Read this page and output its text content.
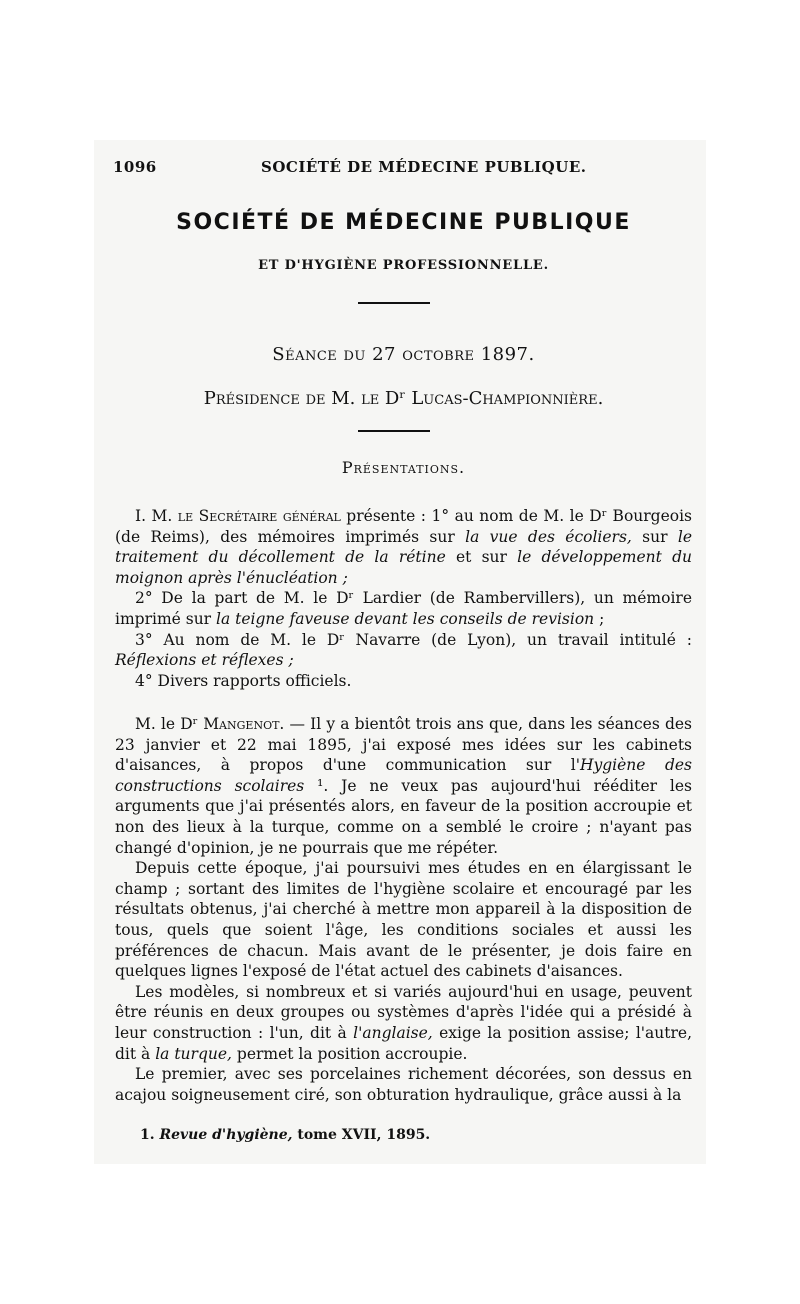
1096	SOCIÉTÉ DE MÉDECINE PUBLIQUE.
SOCIÉTÉ DE MÉDECINE PUBLIQUE
ET D'HYGIÈNE PROFESSIONNELLE.
Séance du 27 octobre 1897.
Présidence de M. le Dʳ Lucas-Championnière.
Présentations.

I. M. le Secrétaire général présente : 1° au nom de M. le Dʳ Bourgeois (de Reims), des mémoires imprimés sur la vue des écoliers, sur le traitement du décollement de la rétine et sur le développement du moignon après l'énucléation ;

2° De la part de M. le Dʳ Lardier (de Rambervillers), un mémoire imprimé sur la teigne faveuse devant les conseils de revision ;

3° Au nom de M. le Dʳ Navarre (de Lyon), un travail intitulé : Réflexions et réflexes ;

4° Divers rapports officiels.

M. le Dʳ Mangenot. — Il y a bientôt trois ans que, dans les séances des 23 janvier et 22 mai 1895, j'ai exposé mes idées sur les cabinets d'aisances, à propos d'une communication sur l'Hygiène des constructions scolaires ¹. Je ne veux pas aujourd'hui rééditer les arguments que j'ai présentés alors, en faveur de la position accroupie et non des lieux à la turque, comme on a semblé le croire ; n'ayant pas changé d'opinion, je ne pourrais que me répéter.

Depuis cette époque, j'ai poursuivi mes études en en élargissant le champ ; sortant des limites de l'hygiène scolaire et encouragé par les résultats obtenus, j'ai cherché à mettre mon appareil à la disposition de tous, quels que soient l'âge, les conditions sociales et aussi les préférences de chacun. Mais avant de le présenter, je dois faire en quelques lignes l'exposé de l'état actuel des cabinets d'aisances.

Les modèles, si nombreux et si variés aujourd'hui en usage, peuvent être réunis en deux groupes ou systèmes d'après l'idée qui a présidé à leur construction : l'un, dit à l'anglaise, exige la position assise; l'autre, dit à la turque, permet la position accroupie.

Le premier, avec ses porcelaines richement décorées, son dessus en acajou soigneusement ciré, son obturation hydraulique, grâce aussi à la

1. Revue d'hygiène, tome XVII, 1895.
